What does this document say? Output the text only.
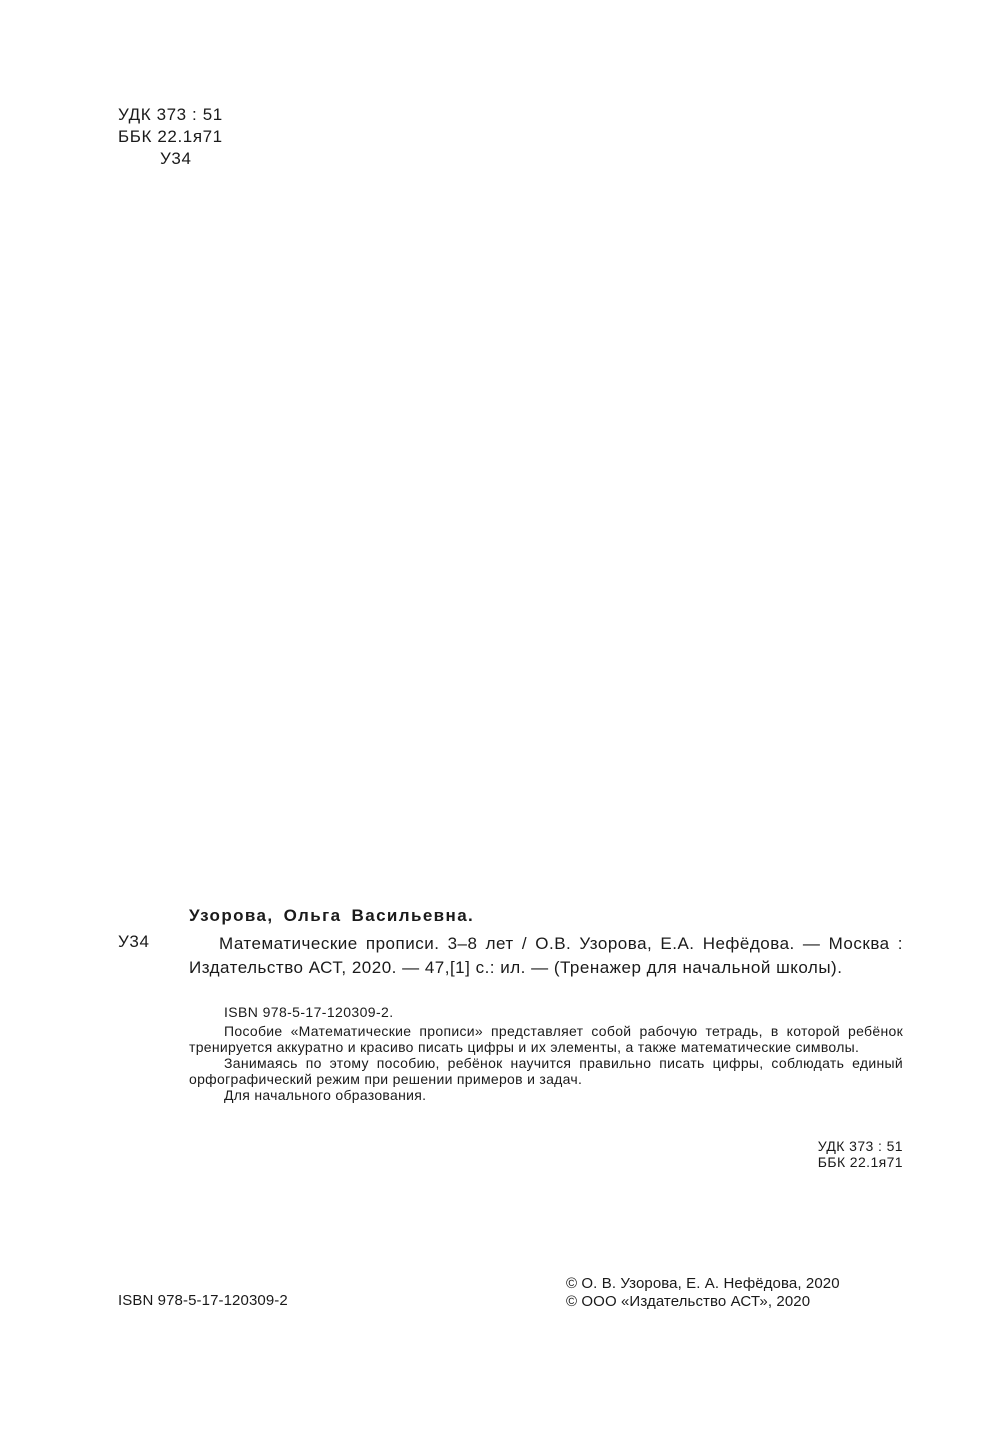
УДК 373 : 51
ББК 22.1я71
У34
Узорова, Ольга Васильевна.
У34	Математические прописи. 3–8 лет / О.В. Узорова, Е.А. Нефёдова. — Москва : Издательство АСТ, 2020. — 47,[1] с.: ил. — (Тренажер для начальной школы).
ISBN 978-5-17-120309-2.

Пособие «Математические прописи» представляет собой рабочую тетрадь, в которой ребёнок тренируется аккуратно и красиво писать цифры и их элементы, а также математические символы.

Занимаясь по этому пособию, ребёнок научится правильно писать цифры, соблюдать единый орфографический режим при решении примеров и задач.

Для начального образования.

УДК 373 : 51
ББК 22.1я71
ISBN 978-5-17-120309-2
© О. В. Узорова, Е. А. Нефёдова, 2020
© ООО «Издательство АСТ», 2020
